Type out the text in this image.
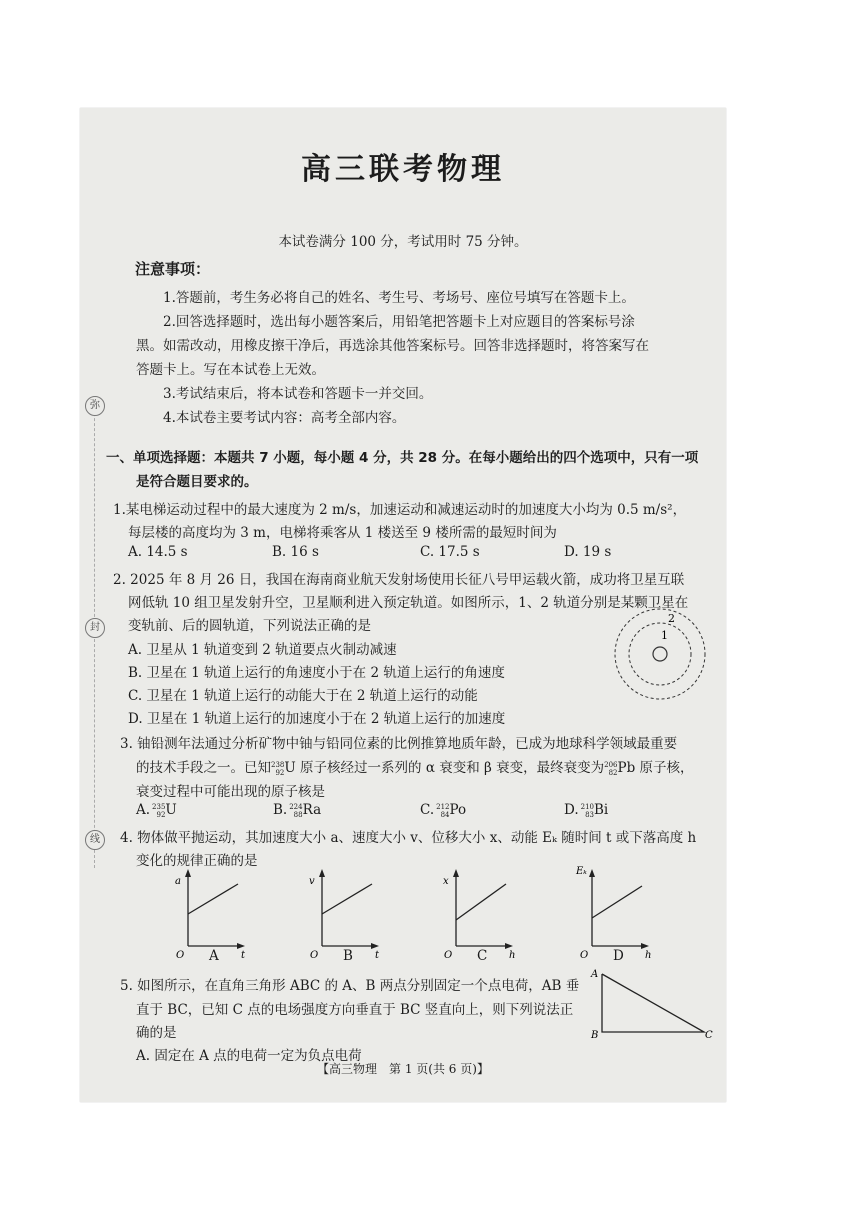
高三联考物理
本试卷满分 100 分，考试用时 75 分钟。
注意事项：
1.答题前，考生务必将自己的姓名、考生号、考场号、座位号填写在答题卡上。
2.回答选择题时，选出每小题答案后，用铅笔把答题卡上对应题目的答案标号涂
黑。如需改动，用橡皮擦干净后，再选涂其他答案标号。回答非选择题时，将答案写在
答题卡上。写在本试卷上无效。
3.考试结束后，将本试卷和答题卡一并交回。
4.本试卷主要考试内容：高考全部内容。
弥
封
线
一、单项选择题：本题共 7 小题，每小题 4 分，共 28 分。在每小题给出的四个选项中，只有一项
是符合题目要求的。
1.某电梯运动过程中的最大速度为 2 m/s，加速运动和减速运动时的加速度大小均为 0.5 m/s²，
每层楼的高度均为 3 m，电梯将乘客从 1 楼送至 9 楼所需的最短时间为
A. 14.5 s	B. 16 s	C. 17.5 s	D. 19 s
2. 2025 年 8 月 26 日，我国在海南商业航天发射场使用长征八号甲运载火箭，成功将卫星互联
网低轨 10 组卫星发射升空，卫星顺利进入预定轨道。如图所示，1、2 轨道分别是某颗卫星在
变轨前、后的圆轨道，下列说法正确的是
A. 卫星从 1 轨道变到 2 轨道要点火制动减速
B. 卫星在 1 轨道上运行的角速度小于在 2 轨道上运行的角速度
C. 卫星在 1 轨道上运行的动能大于在 2 轨道上运行的动能
D. 卫星在 1 轨道上运行的加速度小于在 2 轨道上运行的加速度
1
2
3. 铀铅测年法通过分析矿物中铀与铅同位素的比例推算地质年龄，已成为地球科学领域最重要
的技术手段之一。已知 238
92 U 原子核经过一系列的 α 衰变和 β 衰变，最终衰变为 206
82 Pb 原子核，
衰变过程中可能出现的原子核是
A. 235
92 U	B. 224
88 Ra	C. 212
84 Po	D. 210
83 Bi
4. 物体做平抛运动，其加速度大小 a、速度大小 v、位移大小 x、动能 Eₖ 随时间 t 或下落高度 h
变化的规律正确的是
a
O	t
A
v
O	t
B
x
O	h
C
Eₖ
O	h
D
5. 如图所示，在直角三角形 ABC 的 A、B 两点分别固定一个点电荷，AB 垂
直于 BC，已知 C 点的电场强度方向垂直于 BC 竖直向上，则下列说法正
确的是
A. 固定在 A 点的电荷一定为负点电荷
A
B	C
【高三物理　第 1 页(共 6 页)】
